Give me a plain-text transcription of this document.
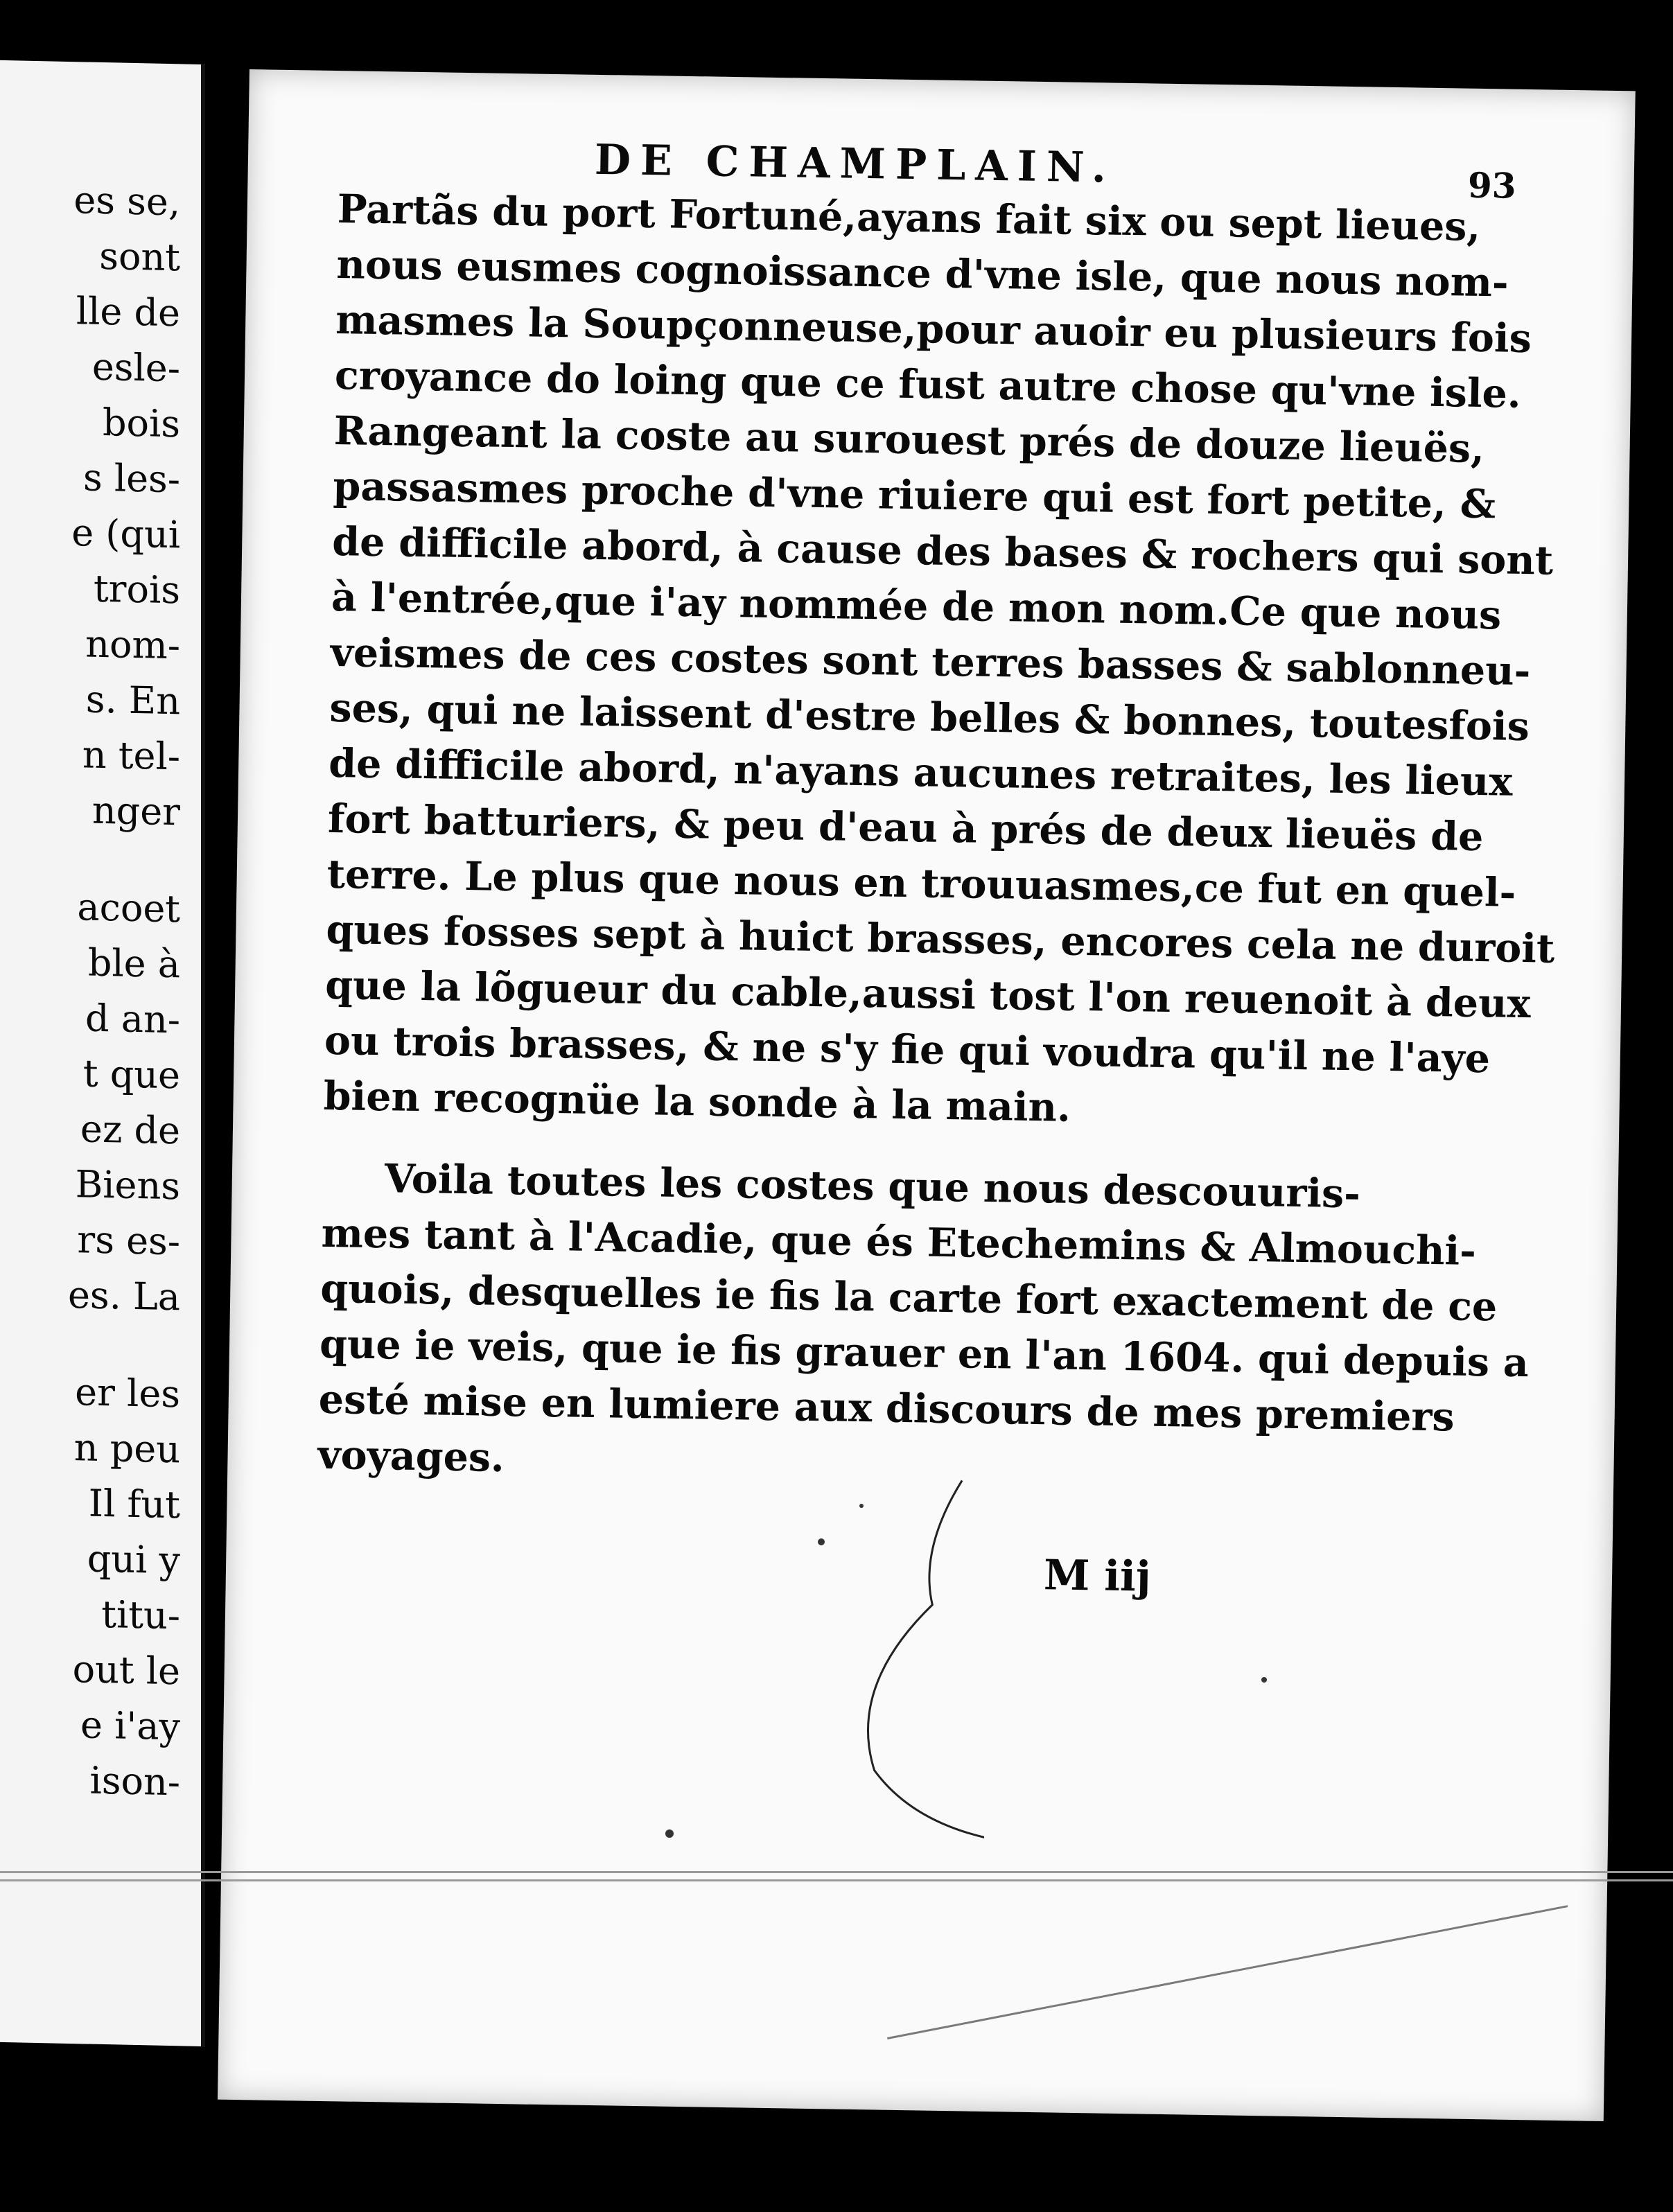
es se,
sont
lle de
esle-
bois
s les-
e (qui
trois
nom-
s. En
n tel-
nger
acoet
ble à
d an-
t que
ez de
Biens
rs es-
es. La
er les
n peu
Il fut
qui y
titu-
out le
e i'ay
ison-
DE CHAMPLAIN.	93
Partãs du port Fortuné,ayans fait six ou sept lieues,
nous eusmes cognoissance d'vne isle, que nous nom-
masmes la Soupçonneuse,pour auoir eu plusieurs fois
croyance do loing que ce fust autre chose qu'vne isle.
Rangeant la coste au surouest prés de douze lieuës,
passasmes proche d'vne riuiere qui est fort petite, &
de difficile abord, à cause des bases & rochers qui sont
à l'entrée,que i'ay nommée de mon nom.Ce que nous
veismes de ces costes sont terres basses & sablonneu-
ses, qui ne laissent d'estre belles & bonnes, toutesfois
de difficile abord, n'ayans aucunes retraites, les lieux
fort batturiers, & peu d'eau à prés de deux lieuës de
terre. Le plus que nous en trouuasmes,ce fut en quel-
ques fosses sept à huict brasses, encores cela ne duroit
que la lõgueur du cable,aussi tost l'on reuenoit à deux
ou trois brasses, & ne s'y fie qui voudra qu'il ne l'aye
bien recognüe la sonde à la main.
Voila toutes les costes que nous descouuris-
mes tant à l'Acadie, que és Etechemins & Almouchi-
quois, desquelles ie fis la carte fort exactement de ce
que ie veis, que ie fis grauer en l'an 1604. qui depuis a
esté mise en lumiere aux discours de mes premiers
voyages.
M iij
